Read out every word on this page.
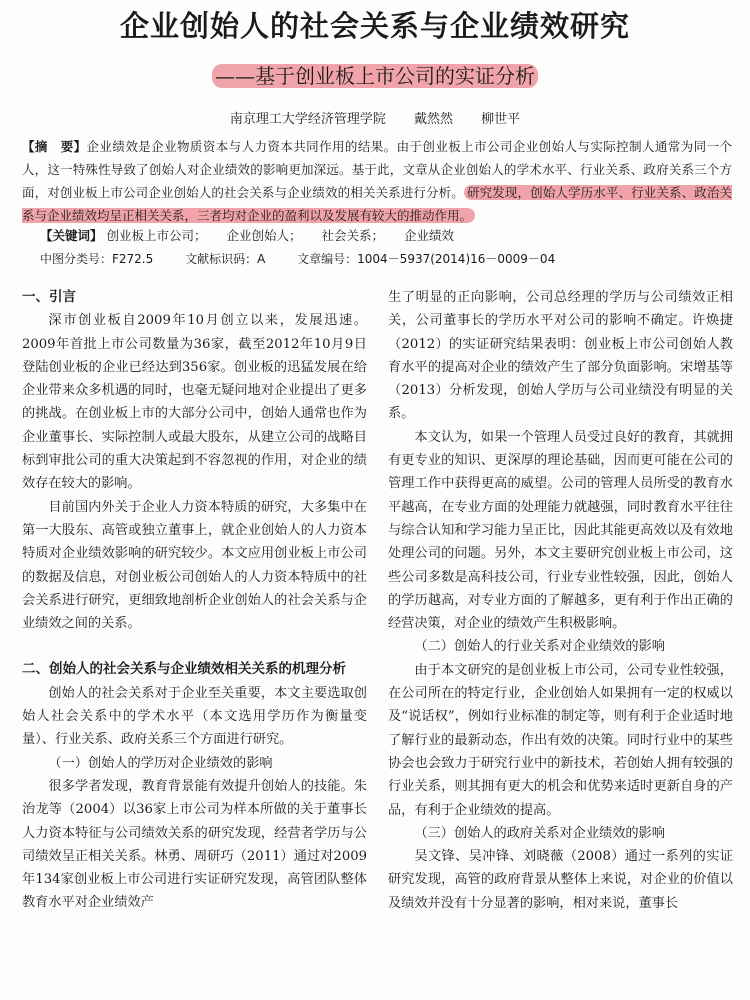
企业创始人的社会关系与企业绩效研究
——基于创业板上市公司的实证分析
南京理工大学经济管理学院 戴然然 柳世平
【摘　要】企业绩效是企业物质资本与人力资本共同作用的结果。由于创业板上市公司企业创始人与实际控制人通常为同一个人，这一特殊性导致了创始人对企业绩效的影响更加深远。基于此，文章从企业创始人的学术水平、行业关系、政府关系三个方面，对创业板上市公司企业创始人的社会关系与企业绩效的相关关系进行分析。 研究发现，创始人学历水平、行业关系、政治关系与企业绩效均呈正相关关系，三者均对企业的盈利以及发展有较大的推动作用。
【关键词】 创业板上市公司； 企业创始人； 社会关系； 企业绩效
中图分类号：F272.5	文献标识码：A	文章编号：1004－5937(2014)16－0009－04
一、引言

深市创业板自2009年10月创立以来，发展迅速。2009年首批上市公司数量为36家，截至2012年10月9日登陆创业板的企业已经达到356家。创业板的迅猛发展在给企业带来众多机遇的同时，也毫无疑问地对企业提出了更多的挑战。在创业板上市的大部分公司中，创始人通常也作为企业董事长、实际控制人或最大股东，从建立公司的战略目标到审批公司的重大决策起到不容忽视的作用，对企业的绩效存在较大的影响。

目前国内外关于企业人力资本特质的研究，大多集中在第一大股东、高管或独立董事上，就企业创始人的人力资本特质对企业绩效影响的研究较少。本文应用创业板上市公司的数据及信息，对创业板公司创始人的人力资本特质中的社会关系进行研究，更细致地剖析企业创始人的社会关系与企业绩效之间的关系。

二、创始人的社会关系与企业绩效相关关系的机理分析

创始人的社会关系对于企业至关重要，本文主要选取创始人社会关系中的学术水平（本文选用学历作为衡量变量）、行业关系、政府关系三个方面进行研究。

（一）创始人的学历对企业绩效的影响

很多学者发现，教育背景能有效提升创始人的技能。朱治龙等（2004）以36家上市公司为样本所做的关于董事长人力资本特征与公司绩效关系的研究发现，经营者学历与公司绩效呈正相关关系。林勇、周研巧（2011）通过对2009年134家创业板上市公司进行实证研究发现，高管团队整体教育水平对企业绩效产

生了明显的正向影响，公司总经理的学历与公司绩效正相关，公司董事长的学历水平对公司的影响不确定。许焕捷（2012）的实证研究结果表明：创业板上市公司创始人教育水平的提高对企业的绩效产生了部分负面影响。宋增基等（2013）分析发现，创始人学历与公司业绩没有明显的关系。

本文认为，如果一个管理人员受过良好的教育，其就拥有更专业的知识、更深厚的理论基础，因而更可能在公司的管理工作中获得更高的威望。公司的管理人员所受的教育水平越高，在专业方面的处理能力就越强，同时教育水平往往与综合认知和学习能力呈正比，因此其能更高效以及有效地处理公司的问题。另外，本文主要研究创业板上市公司，这些公司多数是高科技公司，行业专业性较强，因此，创始人的学历越高，对专业方面的了解越多，更有利于作出正确的经营决策，对企业的绩效产生积极影响。

（二）创始人的行业关系对企业绩效的影响

由于本文研究的是创业板上市公司，公司专业性较强，在公司所在的特定行业，企业创始人如果拥有一定的权威以及“说话权”，例如行业标准的制定等，则有利于企业适时地了解行业的最新动态，作出有效的决策。同时行业中的某些协会也会致力于研究行业中的新技术，若创始人拥有较强的行业关系，则其拥有更大的机会和优势来适时更新自身的产品，有利于企业绩效的提高。

（三）创始人的政府关系对企业绩效的影响

吴文锋、吴冲锋、刘晓薇（2008）通过一系列的实证研究发现，高管的政府背景从整体上来说，对企业的价值以及绩效并没有十分显著的影响，相对来说，董事长
